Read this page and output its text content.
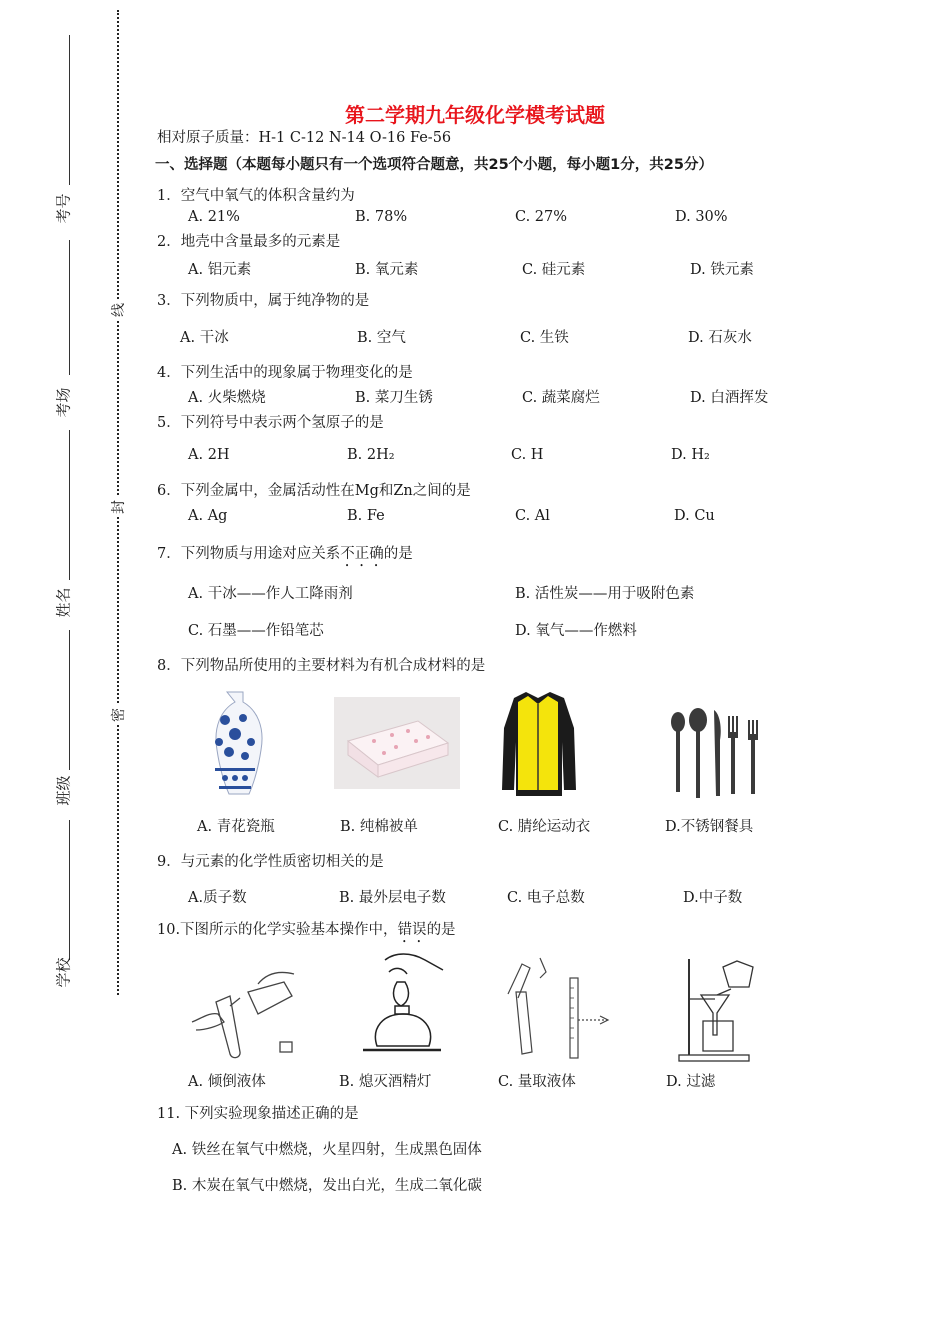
考号
考场
姓名
班级
学校
线
封
密
第二学期九年级化学模考试题
相对原子质量：H-1 C-12 N-14 O-16 Fe-56
一、选择题（本题每小题只有一个选项符合题意，共25个小题，每小题1分，共25分）
1．空气中氧气的体积含量约为
A. 21%	B. 78%	C. 27%	D. 30%
2．地壳中含量最多的元素是
A. 铝元素	B. 氧元素	C. 硅元素	D. 铁元素
3．下列物质中，属于纯净物的是
A. 干冰	B. 空气	C. 生铁	D. 石灰水
4．下列生活中的现象属于物理变化的是
A. 火柴燃烧	B. 菜刀生锈	C. 蔬菜腐烂	D. 白酒挥发
5．下列符号中表示两个氢原子的是
A. 2H	B. 2H₂	C. H	D. H₂
6．下列金属中，金属活动性在Mg和Zn之间的是
A. Ag	B. Fe	C. Al	D. Cu
7．下列物质与用途对应关系不正确的是
A. 干冰——作人工降雨剂	B. 活性炭——用于吸附色素
C. 石墨——作铅笔芯	D. 氧气——作燃料
8．下列物品所使用的主要材料为有机合成材料的是
A. 青花瓷瓶	B. 纯棉被单	C. 腈纶运动衣	D.不锈钢餐具
9．与元素的化学性质密切相关的是
A.质子数	B. 最外层电子数	C. 电子总数	D.中子数
10.下图所示的化学实验基本操作中，错误的是
A. 倾倒液体	B. 熄灭酒精灯	C. 量取液体	D. 过滤
11. 下列实验现象描述正确的是
A. 铁丝在氧气中燃烧，火星四射，生成黑色固体
B. 木炭在氧气中燃烧，发出白光，生成二氧化碳
